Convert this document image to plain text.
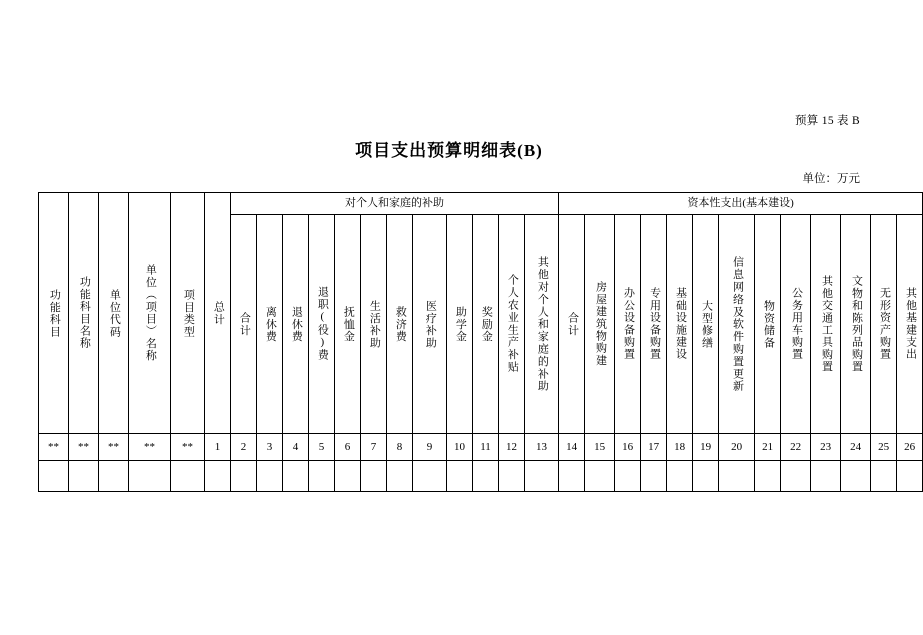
预算 15 表 B
项目支出预算明细表(B)
单位：万元
功能科目	功能科目名称	单位代码	单位（项目）名称	项目类型	总计	对个人和家庭的补助												资本性支出(基本建设)												

						合计	离休费	退休费	退职(役)费	抚恤金	生活补助	救济费	医疗补助	助学金	奖励金	个人农业生产补贴	其他对个人和家庭的补助	合计	房屋建筑物购建	办公设备购置	专用设备购置	基础设施建设	大型修缮	信息网络及软件购置更新	物资储备	公务用车购置	其他交通工具购置	文物和陈列品购置	无形资产购置	其他基建支出

**	**	**	**	**	1	2	3	4	5	6	7	8	9	10	11	12	13	14	15	16	17	18	19	20	21	22	23	24	25	26
